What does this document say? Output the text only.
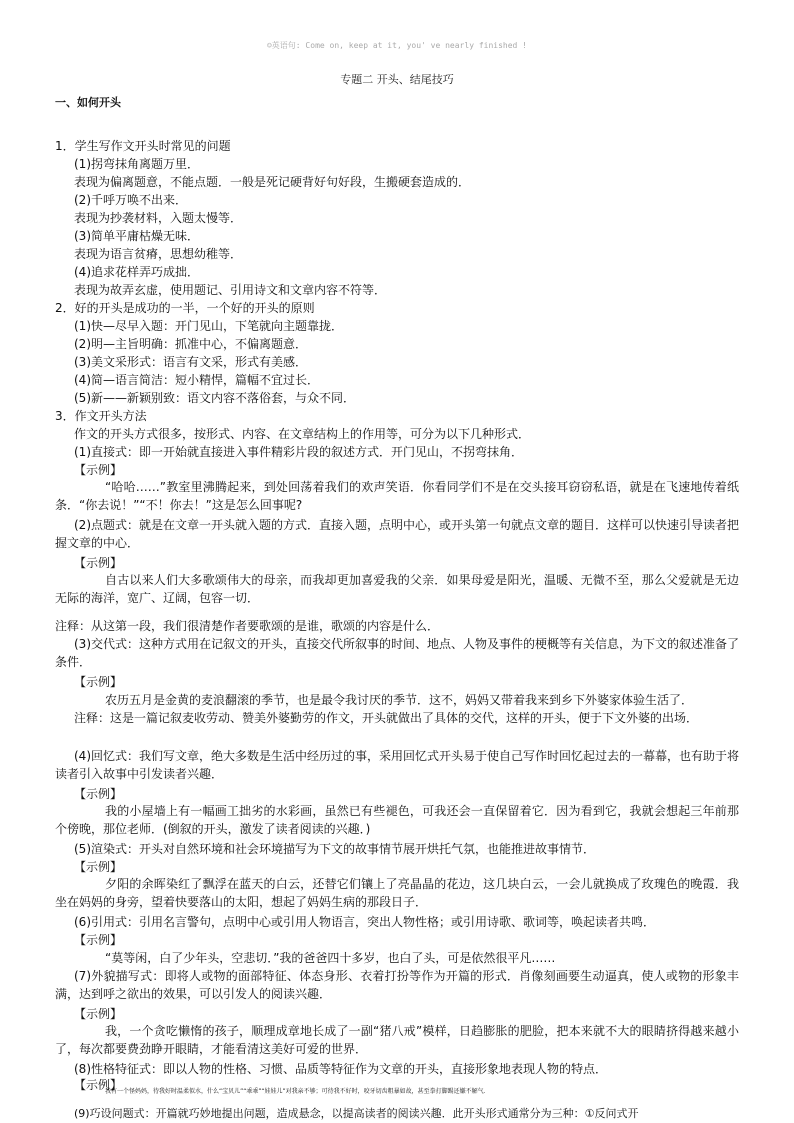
☺英语句: Come on, keep at it, you' ve nearly finished !
专题二 开头、结尾技巧
一、如何开头
1．学生写作文开头时常见的问题
(1)拐弯抹角离题万里．
表现为偏离题意，不能点题．一般是死记硬背好句好段，生搬硬套造成的．
(2)千呼万唤不出来．
表现为抄袭材料，入题太慢等．
(3)简单平庸枯燥无味．
表现为语言贫瘠，思想幼稚等．
(4)追求花样弄巧成拙．
表现为故弄玄虚，使用题记、引用诗文和文章内容不符等．
2．好的开头是成功的一半，一个好的开头的原则
(1)快—尽早入题：开门见山，下笔就向主题靠拢．
(2)明—主旨明确：抓准中心，不偏离题意．
(3)美文采形式：语言有文采，形式有美感．
(4)简—语言简洁：短小精悍，篇幅不宜过长．
(5)新——新颖别致：语文内容不落俗套，与众不同．
3．作文开头方法
作文的开头方式很多，按形式、内容、在文章结构上的作用等，可分为以下几种形式．
(1)直接式：即一开始就直接进入事件精彩片段的叙述方式．开门见山，不拐弯抹角．
【示例】
“哈哈……”教室里沸腾起来，到处回荡着我们的欢声笑语．你看同学们不是在交头接耳窃窃私语，就是在飞速地传着纸条．“你去说！”“不！你去！”这是怎么回事呢?
(2)点题式：就是在文章一开头就入题的方式．直接入题，点明中心，或开头第一句就点文章的题目．这样可以快速引导读者把握文章的中心．
【示例】
自古以来人们大多歌颂伟大的母亲，而我却更加喜爱我的父亲．如果母爱是阳光，温暖、无微不至，那么父爱就是无边无际的海洋，宽广、辽阔，包容一切．
注释：从这第一段，我们很清楚作者要歌颂的是谁，歌颂的内容是什么．
(3)交代式：这种方式用在记叙文的开头，直接交代所叙事的时间、地点、人物及事件的梗概等有关信息，为下文的叙述准备了条件．
【示例】
农历五月是金黄的麦浪翻滚的季节，也是最令我讨厌的季节．这不，妈妈又带着我来到乡下外婆家体验生活了．
注释：这是一篇记叙麦收劳动、赞美外婆勤劳的作文，开头就做出了具体的交代，这样的开头，便于下文外婆的出场．
(4)回忆式：我们写文章，绝大多数是生活中经历过的事，采用回忆式开头易于使自己写作时回忆起过去的一幕幕，也有助于将读者引入故事中引发读者兴趣．
【示例】
我的小屋墙上有一幅画工拙劣的水彩画，虽然已有些褪色，可我还会一直保留着它．因为看到它，我就会想起三年前那个傍晚，那位老师．(倒叙的开头，激发了读者阅读的兴趣．)
(5)渲染式：开头对自然环境和社会环境描写为下文的故事情节展开烘托气氛，也能推进故事情节．
【示例】
夕阳的余晖染红了飘浮在蓝天的白云，还替它们镶上了亮晶晶的花边，这几块白云，一会儿就换成了玫瑰色的晚霞．我坐在妈妈的身旁，望着快要落山的太阳，想起了妈妈生病的那段日子．
(6)引用式：引用名言警句，点明中心或引用人物语言，突出人物性格；或引用诗歌、歌词等，唤起读者共鸣．
【示例】
“莫等闲，白了少年头，空悲切．”我的爸爸四十多岁，也白了头，可是依然很平凡……
(7)外貌描写式：即将人或物的面部特征、体态身形、衣着打扮等作为开篇的形式．肖像刻画要生动逼真，使人或物的形象丰满，达到呼之欲出的效果，可以引发人的阅读兴趣．
【示例】
我，一个贪吃懒惰的孩子，顺理成章地长成了一副“猪八戒”模样，日趋膨胀的肥脸，把本来就不大的眼睛挤得越来越小了，每次都要费劲睁开眼睛，才能看清这美好可爱的世界．
(8)性格特征式：即以人物的性格、习惯、品质等特征作为文章的开头，直接形象地表现人物的特点．
【示例】
我有一个怪妈妈，待我好时温柔似水，什么“宝贝儿”“乖乖”“娃娃儿”对我亲不够；可待我不好时，咬牙切齿粗暴如故，甚至拳打脚踢还嫌不解气．
(9)巧设问题式：开篇就巧妙地提出问题，造成悬念，以提高读者的阅读兴趣．此开头形式通常分为三种：①反问式开
